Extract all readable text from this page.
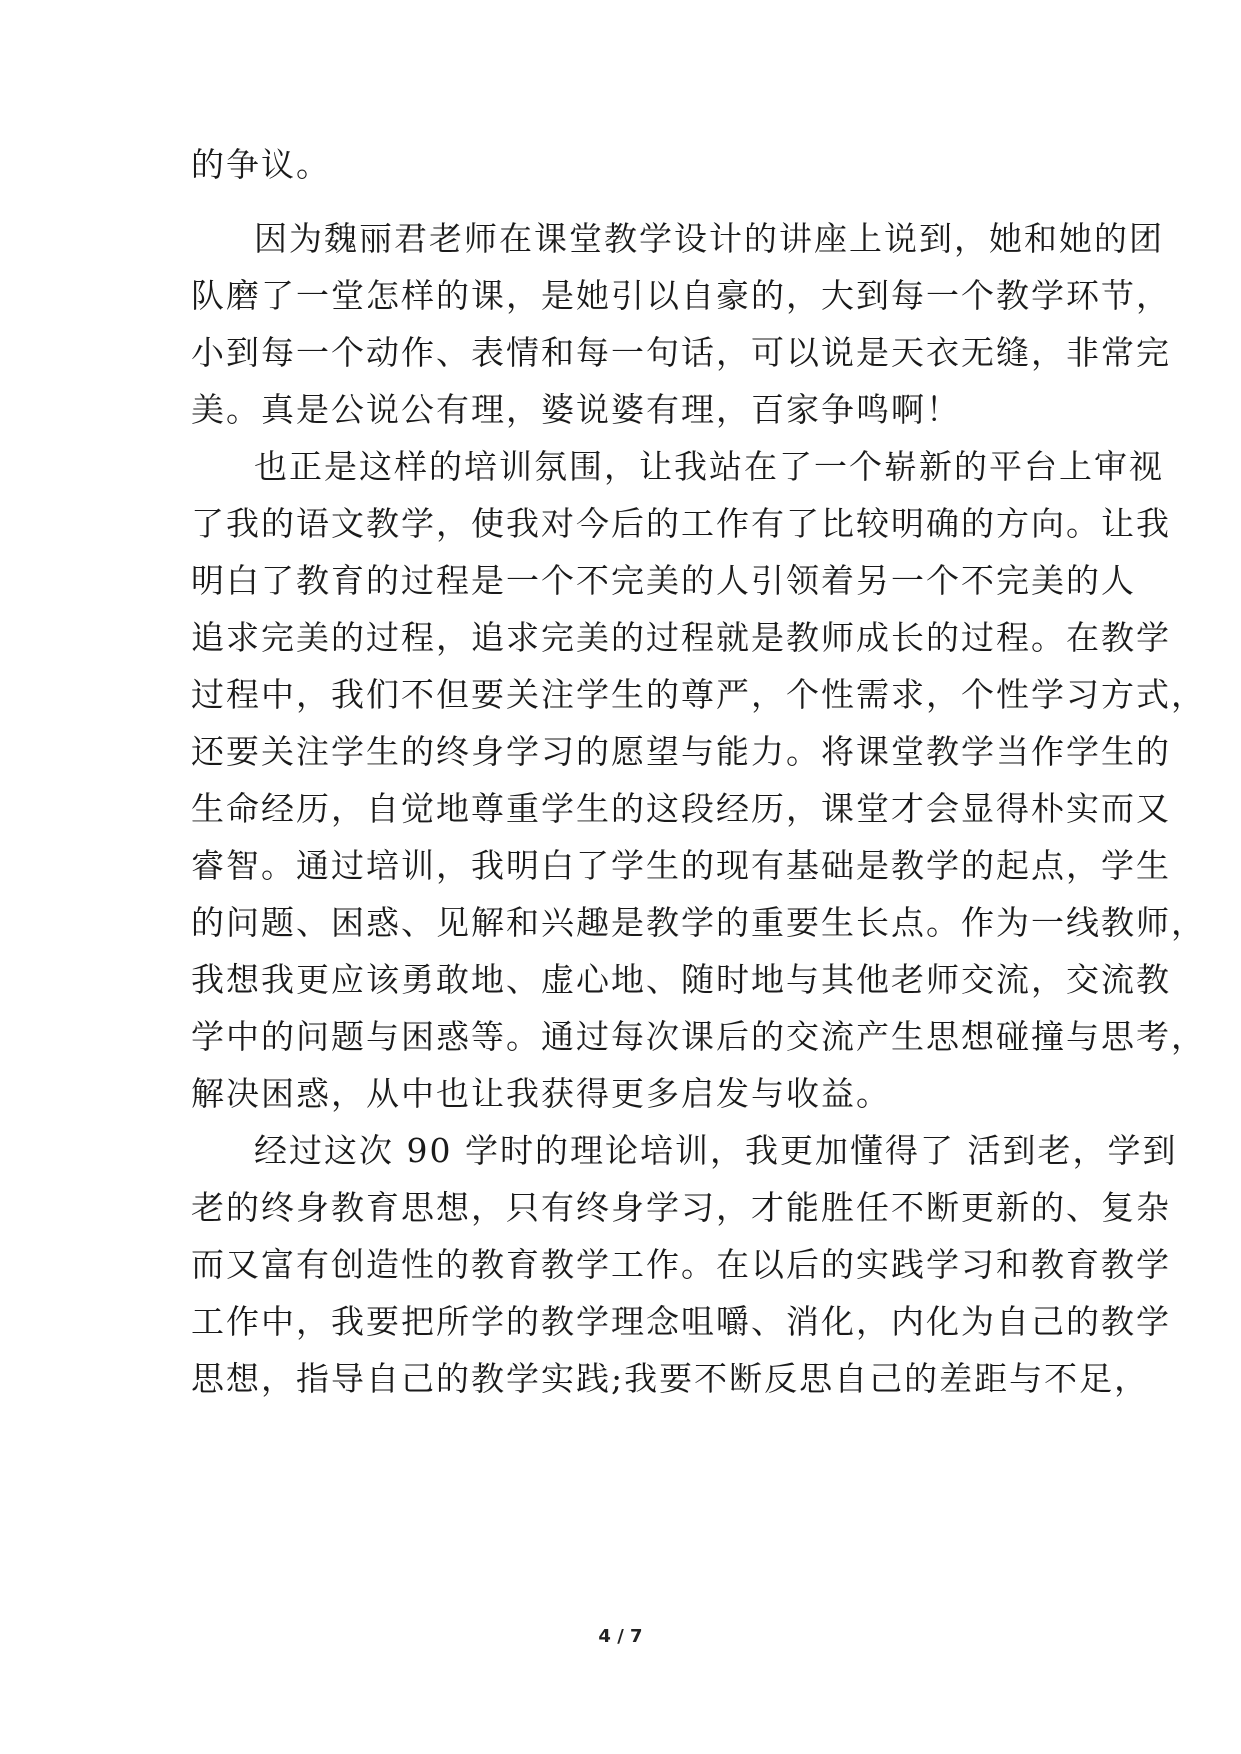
的争议。
因为魏丽君老师在课堂教学设计的讲座上说到，她和她的团
队磨了一堂怎样的课，是她引以自豪的，大到每一个教学环节，
小到每一个动作、表情和每一句话，可以说是天衣无缝，非常完
美。真是公说公有理，婆说婆有理，百家争鸣啊！
也正是这样的培训氛围，让我站在了一个崭新的平台上审视
了我的语文教学，使我对今后的工作有了比较明确的方向。让我
明白了教育的过程是一个不完美的人引领着另一个不完美的人
追求完美的过程，追求完美的过程就是教师成长的过程。在教学
过程中，我们不但要关注学生的尊严，个性需求，个性学习方式，
还要关注学生的终身学习的愿望与能力。将课堂教学当作学生的
生命经历，自觉地尊重学生的这段经历，课堂才会显得朴实而又
睿智。通过培训，我明白了学生的现有基础是教学的起点，学生
的问题、困惑、见解和兴趣是教学的重要生长点。作为一线教师，
我想我更应该勇敢地、虚心地、随时地与其他老师交流，交流教
学中的问题与困惑等。通过每次课后的交流产生思想碰撞与思考，
解决困惑，从中也让我获得更多启发与收益。
经过这次 90 学时的理论培训，我更加懂得了 活到老，学到
老的终身教育思想，只有终身学习，才能胜任不断更新的、复杂
而又富有创造性的教育教学工作。在以后的实践学习和教育教学
工作中，我要把所学的教学理念咀嚼、消化，内化为自己的教学
思想，指导自己的教学实践;我要不断反思自己的差距与不足，
4 / 7
